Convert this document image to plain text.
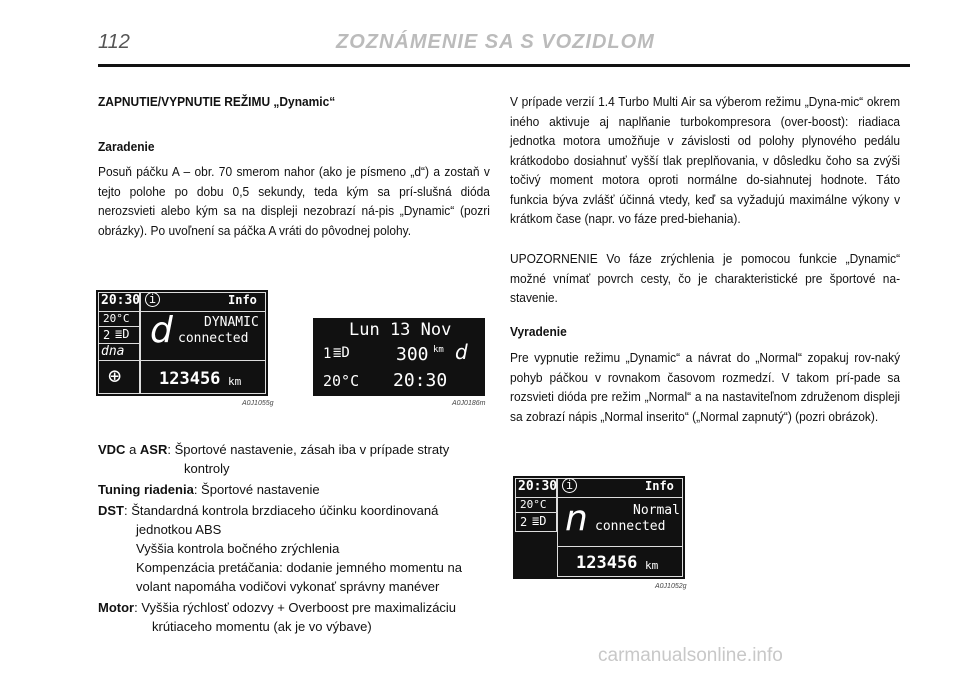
112	ZOZNÁMENIE SA S VOZIDLOM
ZAPNUTIE/VYPNUTIE REŽIMU „Dynamic“
Zaradenie
Posuň páčku A – obr. 70 smerom nahor (ako je písmeno „d“) a zostaň v tejto polohe po dobu 0,5 sekundy, teda kým sa prí-slušná dióda nerozsvieti alebo kým sa na displeji nezobrazí ná-pis „Dynamic“ (pozri obrázky). Po uvoľnení sa páčka A vráti do pôvodnej polohy.
20:30 i	Info
20°C
2 ≣D
dna
⊕
d DYNAMIC
connected
123456 km
A0J1055g
Lun 13 Nov
1 ≣D	300 km d
20°C 20:30
A0J0186m
VDC a ASR: Športové nastavenie, zásah iba v prípade straty
kontroly
Tuning riadenia: Športové nastavenie
DST: Štandardná kontrola brzdiaceho účinku koordinovaná
jednotkou ABS
Vyššia kontrola bočného zrýchlenia
Kompenzácia pretáčania: dodanie jemného momentu na
volant napomáha vodičovi vykonať správny manéver
Motor: Vyššia rýchlosť odozvy + Overboost pre maximalizáciu
krútiaceho momentu (ak je vo výbave)
V prípade verzií 1.4 Turbo Multi Air sa výberom režimu „Dyna-mic“ okrem iného aktivuje aj naplňanie turbokompresora (over-boost): riadiaca jednotka motora umožňuje v závislosti od polohy plynového pedálu krátkodobo dosiahnuť vyšší tlak preplňovania, v dôsledku čoho sa zvýši točivý moment motora oproti normálne do-siahnutej hodnote. Táto funkcia býva zvlášť účinná vtedy, keď sa vyžadujú maximálne výkony v krátkom čase (napr. vo fáze pred-biehania).
UPOZORNENIE Vo fáze zrýchlenia je pomocou funkcie „Dynamic“ možné vnímať povrch cesty, čo je charakteristické pre športové na-stavenie.
Vyradenie
Pre vypnutie režimu „Dynamic“ a návrat do „Normal“ zopakuj rov-naký pohyb páčkou v rovnakom časovom rozmedzí. V takom prí-pade sa rozsvieti dióda pre režim „Normal“ a na nastaviteľnom združenom displeji sa zobrazí nápis „Normal inserito“ („Normal zapnutý“) (pozri obrázok).
20:30 i	Info
20°C
2 ≣D n	Normal
connected
123456 km
A0J1052g
carmanualsonline.info
